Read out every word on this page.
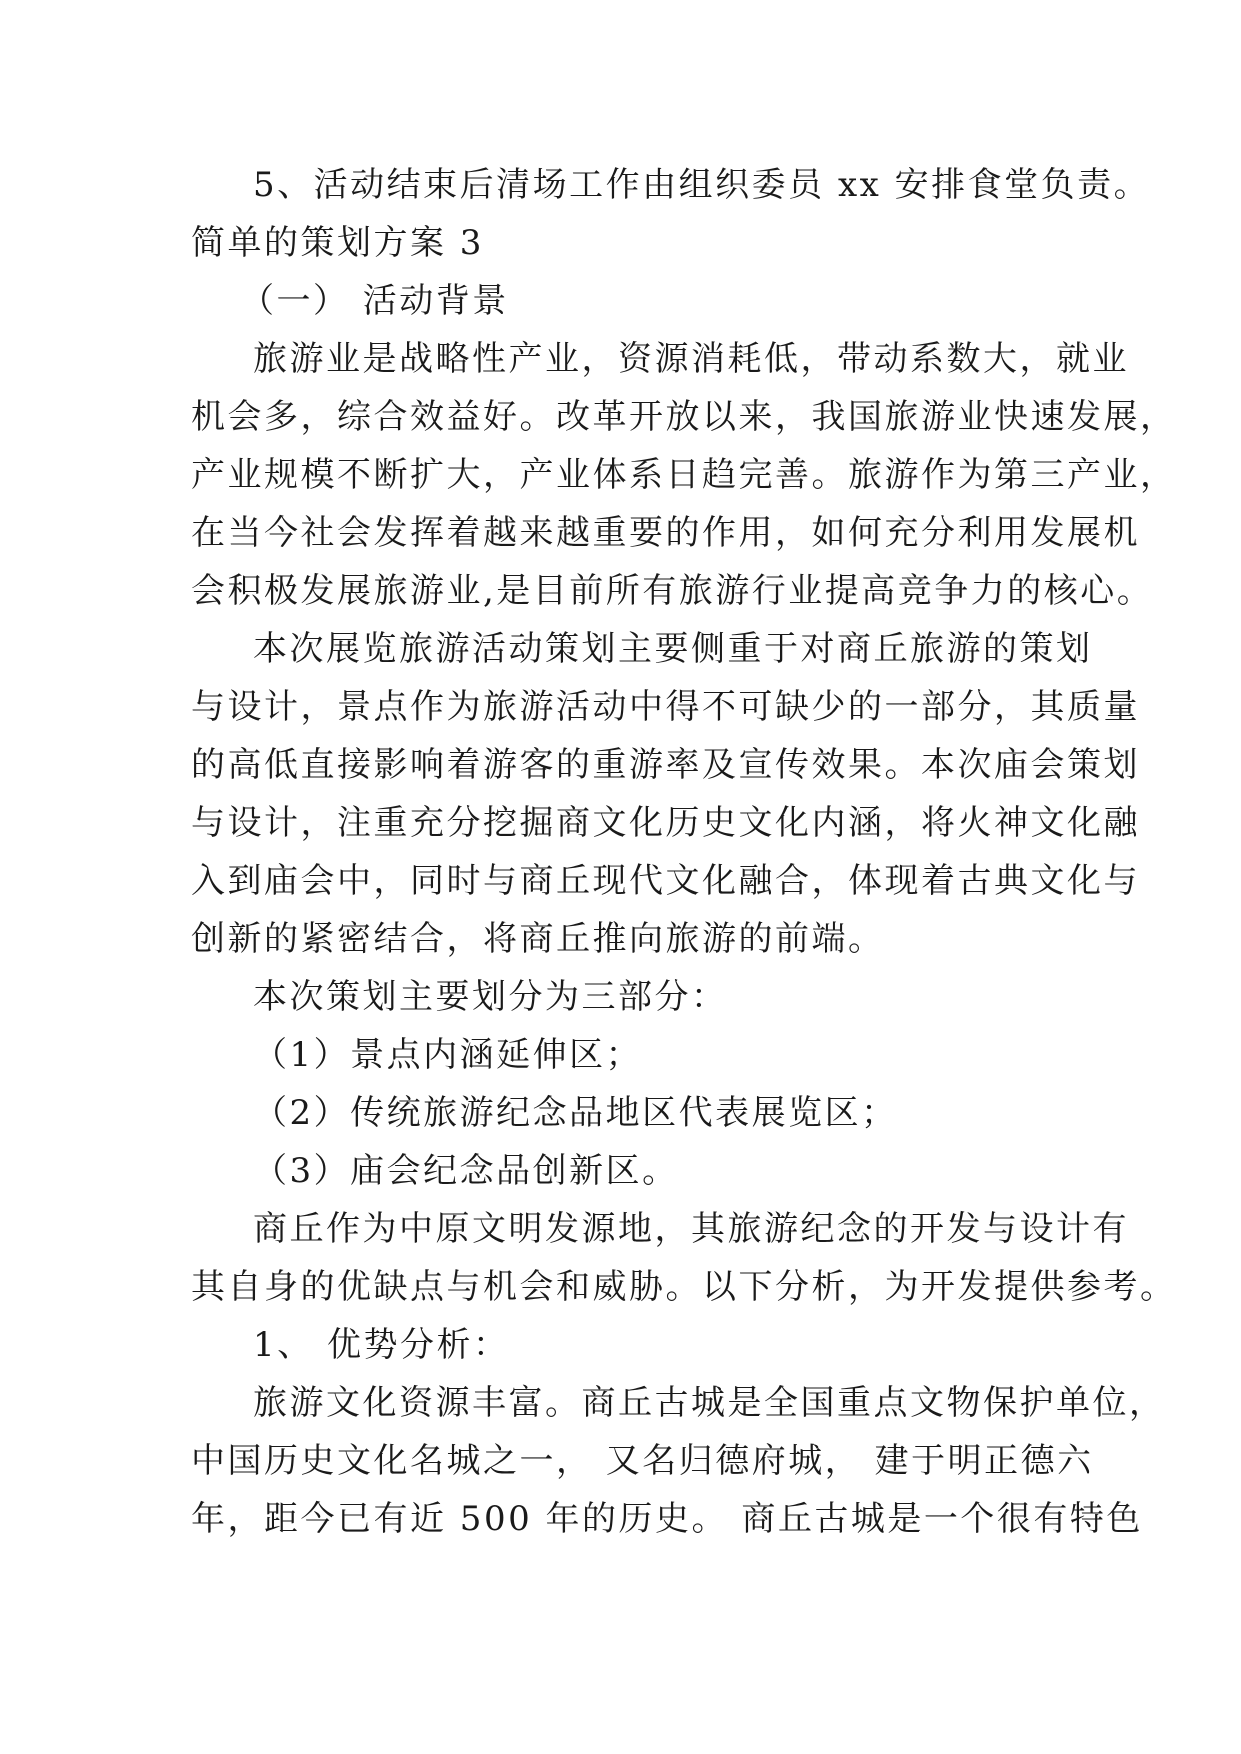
5、活动结束后清场工作由组织委员 xx 安排食堂负责。
简单的策划方案 3
（一） 活动背景
旅游业是战略性产业，资源消耗低，带动系数大，就业
机会多，综合效益好。改革开放以来，我国旅游业快速发展，
产业规模不断扩大，产业体系日趋完善。旅游作为第三产业，
在当今社会发挥着越来越重要的作用，如何充分利用发展机
会积极发展旅游业,是目前所有旅游行业提高竞争力的核心。
本次展览旅游活动策划主要侧重于对商丘旅游的策划
与设计，景点作为旅游活动中得不可缺少的一部分，其质量
的高低直接影响着游客的重游率及宣传效果。本次庙会策划
与设计，注重充分挖掘商文化历史文化内涵，将火神文化融
入到庙会中，同时与商丘现代文化融合，体现着古典文化与
创新的紧密结合，将商丘推向旅游的前端。
本次策划主要划分为三部分：
（1）景点内涵延伸区；
（2）传统旅游纪念品地区代表展览区；
（3）庙会纪念品创新区。
商丘作为中原文明发源地，其旅游纪念的开发与设计有
其自身的优缺点与机会和威胁。以下分析，为开发提供参考。
1、 优势分析：
旅游文化资源丰富。商丘古城是全国重点文物保护单位，
中国历史文化名城之一， 又名归德府城， 建于明正德六
年，距今已有近 500 年的历史。 商丘古城是一个很有特色
